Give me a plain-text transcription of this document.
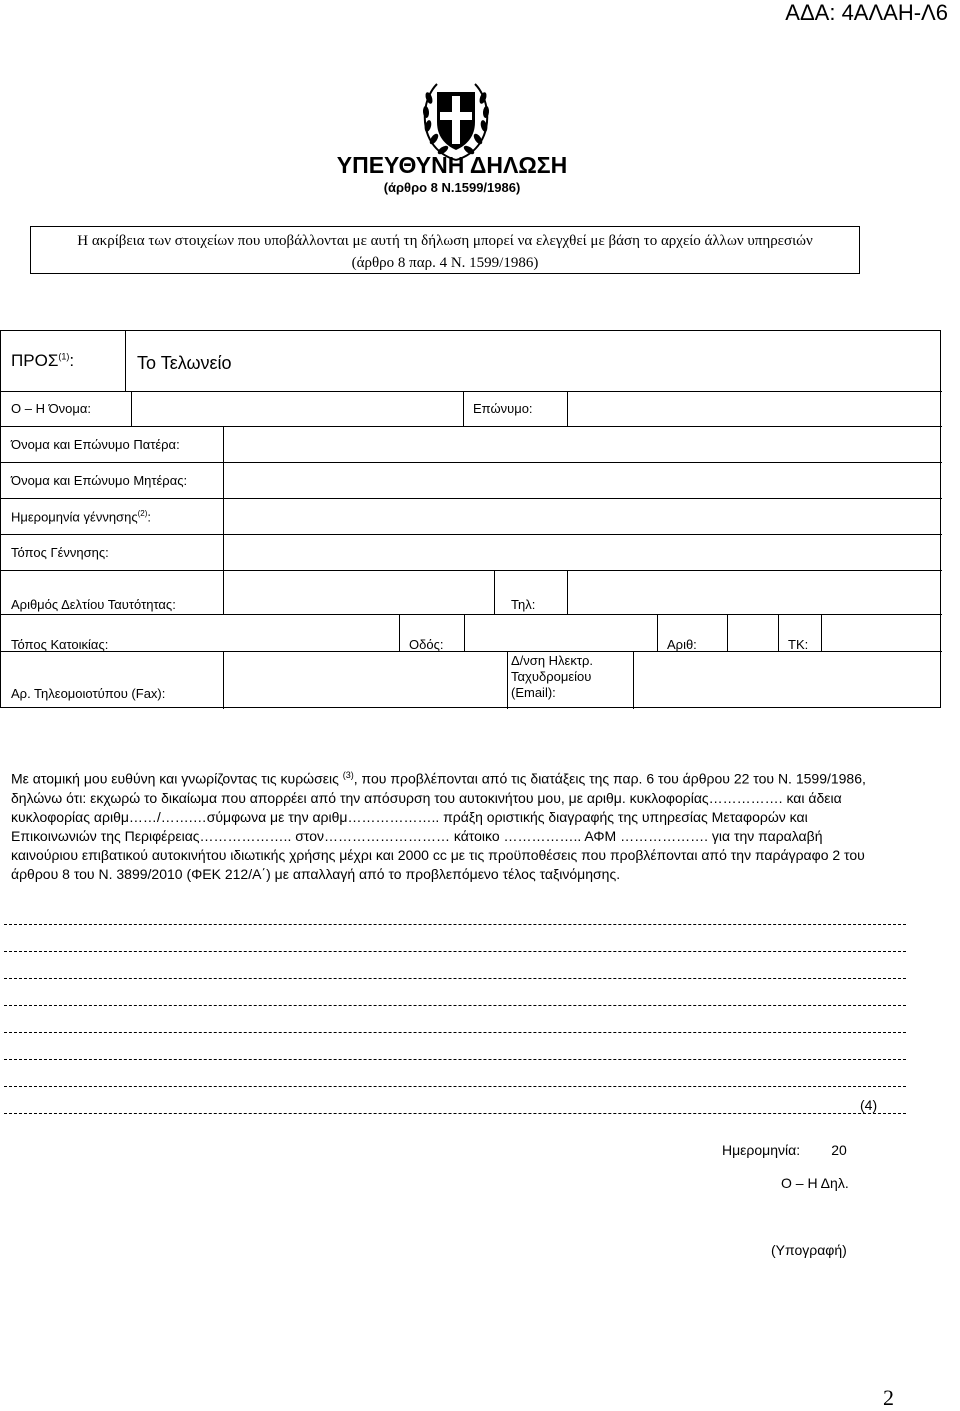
ΑΔΑ: 4ΑΛΑΗ-Λ6
ΥΠΕΥΘΥΝΗ ΔΗΛΩΣΗ
(άρθρο 8 Ν.1599/1986)
Η ακρίβεια των στοιχείων που υποβάλλονται με αυτή τη δήλωση μπορεί να ελεγχθεί με βάση το αρχείο άλλων υπηρεσιών
(άρθρο 8 παρ. 4 Ν. 1599/1986)
ΠΡΟΣ$^{(1)}$:	Το Τελωνείο
Ο – Η Όνομα:	Επώνυμο:
Όνομα και Επώνυμο Πατέρα:
Όνομα και Επώνυμο Μητέρας:
Ημερομηνία γέννησης$^{(2)}$:
Τόπος Γέννησης:
Αριθμός Δελτίου Ταυτότητας:	Τηλ:
Τόπος Κατοικίας:	Οδός:	Αριθ:	ΤΚ:
Αρ. Τηλεομοιοτύπου (Fax):
Δ/νση Ηλεκτρ.
Ταχυδρομείου
(Email):
Με ατομική μου ευθύνη και γνωρίζοντας τις κυρώσεις $^{(3)}$, που προβλέπονται από τις διατάξεις της παρ. 6 του άρθρου 22 του Ν. 1599/1986, δηλώνω ότι: εκχωρώ το δικαίωμα που απορρέει από την απόσυρση του αυτοκινήτου μου, με αριθμ. κυκλοφορίας……………. και άδεια κυκλοφορίας αριθμ……/…….…σύμφωνα με την αριθμ……………….. πράξη οριστικής διαγραφής της υπηρεσίας Μεταφορών και Επικοινωνιών της Περιφέρειας……………….. στον……………………… κάτοικο …………….. ΑΦΜ ………………. για την παραλαβή καινούριου επιβατικού αυτοκινήτου ιδιωτικής χρήσης μέχρι και 2000 cc με τις προϋποθέσεις που προβλέπονται από την παράγραφο 2 του άρθρου 8 του Ν. 3899/2010 (ΦΕΚ 212/Α΄) με απαλλαγή από το προβλεπόμενο τέλος ταξινόμησης.
(4)
Ημερομηνία: 20
Ο – Η Δηλ.
(Υπογραφή)
2
